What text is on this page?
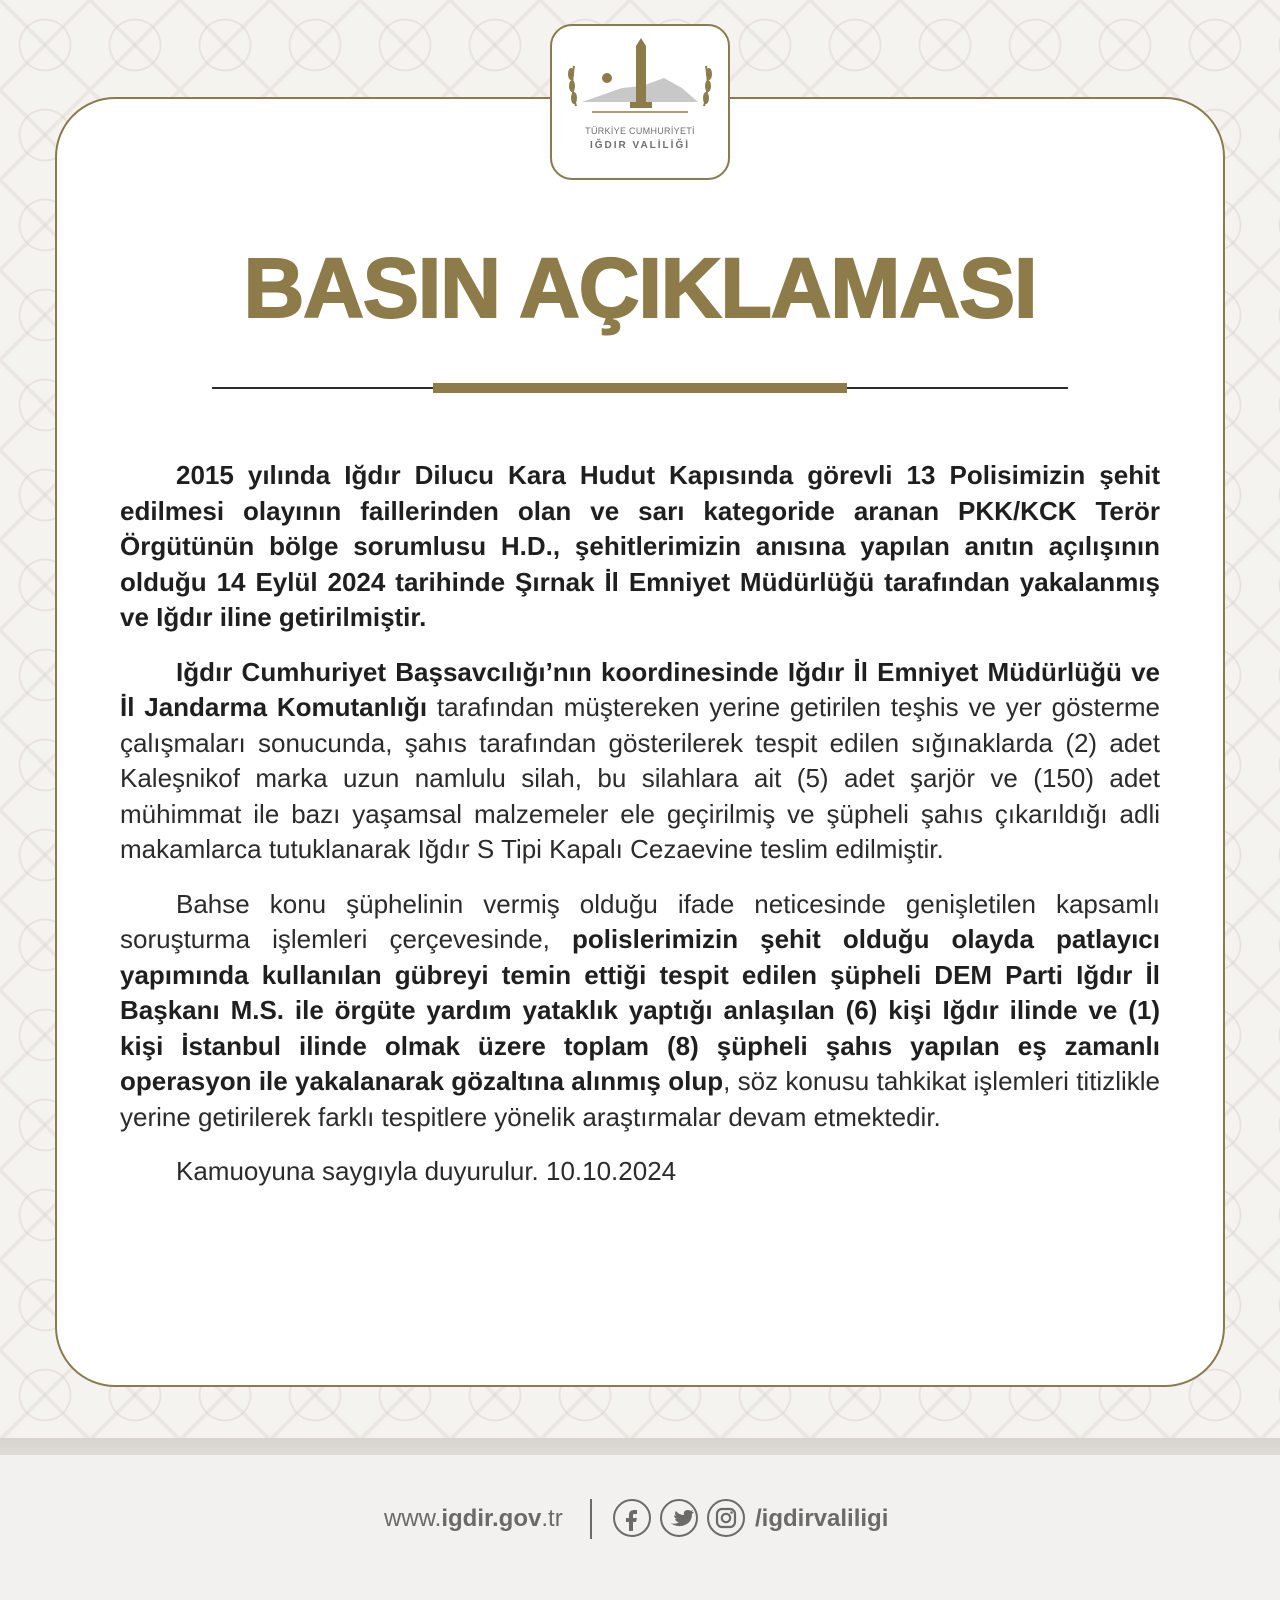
TÜRKİYE CUMHURİYETİ
IĞDIR VALİLİĞİ
BASIN AÇIKLAMASI

2015 yılında Iğdır Dilucu Kara Hudut Kapısında görevli 13 Polisimizin şehit edilmesi olayının faillerinden olan ve sarı kategoride aranan PKK/KCK Terör Örgütünün bölge sorumlusu H.D., şehitlerimizin anısına yapılan anıtın açılışının olduğu 14 Eylül 2024 tarihinde Şırnak İl Emniyet Müdürlüğü tarafından yakalanmış ve Iğdır iline getirilmiştir.

Iğdır Cumhuriyet Başsavcılığı’nın koordinesinde Iğdır İl Emniyet Müdürlüğü ve İl Jandarma Komutanlığı tarafından müştereken yerine getirilen teşhis ve yer gösterme çalışmaları sonucunda, şahıs tarafından gösterilerek tespit edilen sığınaklarda (2) adet Kaleşnikof marka uzun namlulu silah, bu silahlara ait (5) adet şarjör ve (150) adet mühimmat ile bazı yaşamsal malzemeler ele geçirilmiş ve şüpheli şahıs çıkarıldığı adli makamlarca tutuklanarak Iğdır S Tipi Kapalı Cezaevine teslim edilmiştir.

Bahse konu şüphelinin vermiş olduğu ifade neticesinde genişletilen kapsamlı soruşturma işlemleri çerçevesinde, polislerimizin şehit olduğu olayda patlayıcı yapımında kullanılan gübreyi temin ettiği tespit edilen şüpheli DEM Parti Iğdır İl Başkanı M.S. ile örgüte yardım yataklık yaptığı anlaşılan (6) kişi Iğdır ilinde ve (1) kişi İstanbul ilinde olmak üzere toplam (8) şüpheli şahıs yapılan eş zamanlı operasyon ile yakalanarak gözaltına alınmış olup, söz konusu tahkikat işlemleri titizlikle yerine getirilerek farklı tespitlere yönelik araştırmalar devam etmektedir.

Kamuoyuna saygıyla duyurulur. 10.10.2024

www.igdir.gov.tr	/igdirvaliligi
